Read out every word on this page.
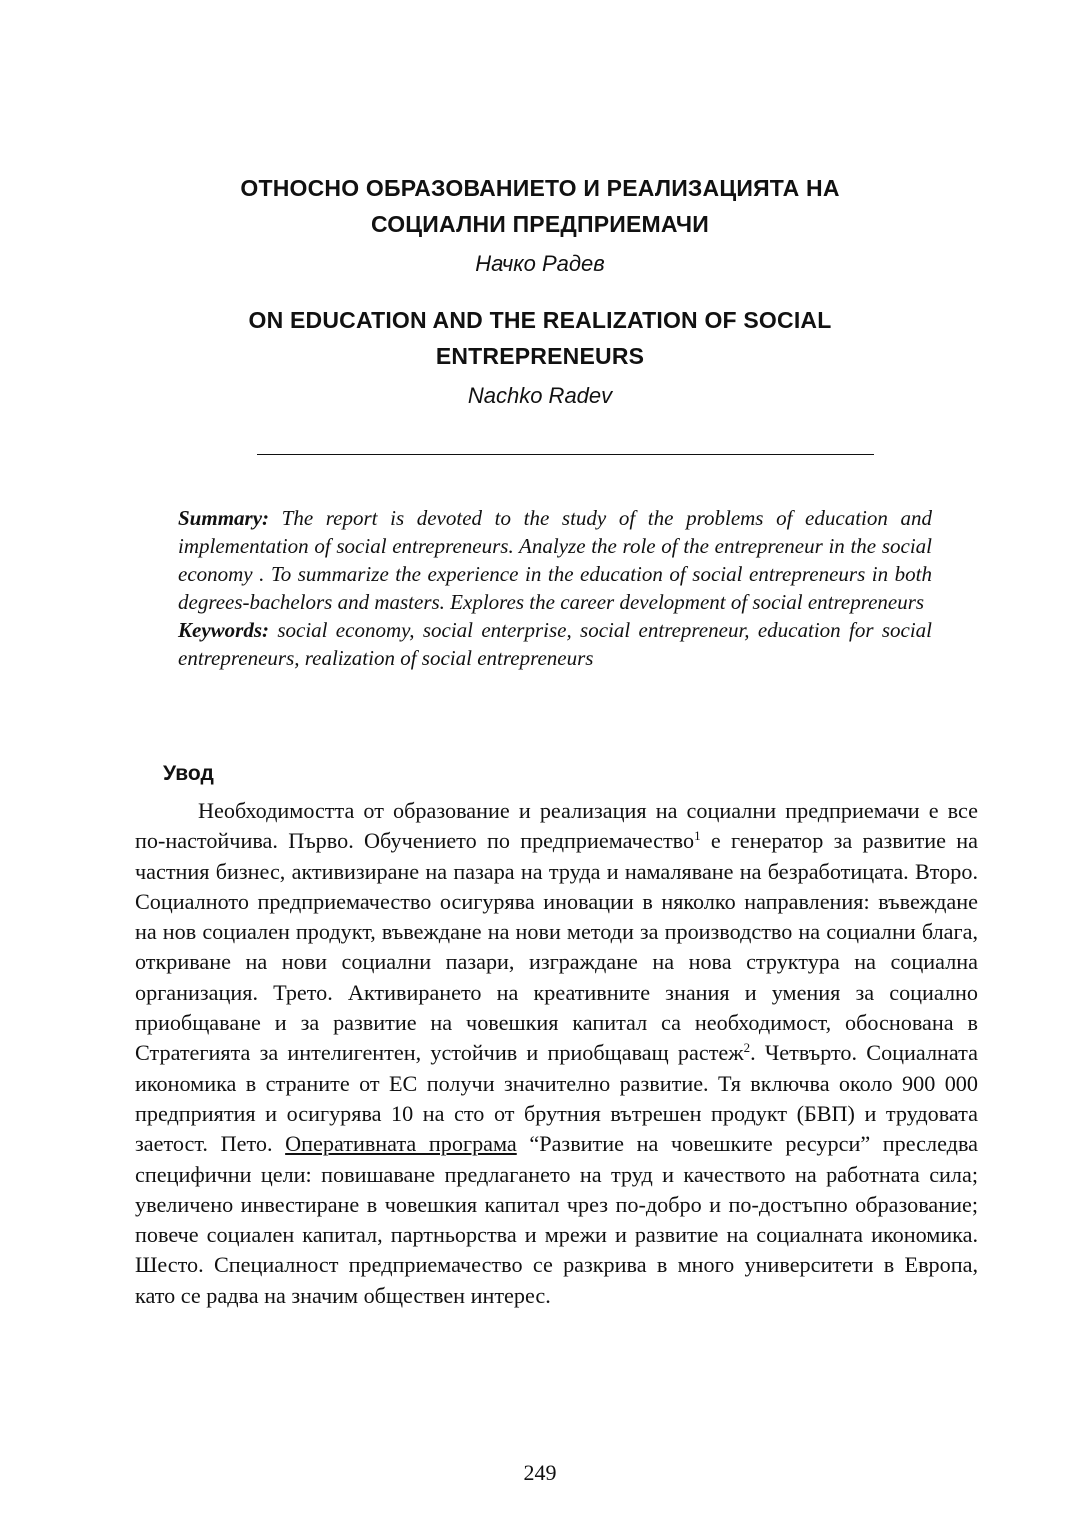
ОТНОСНО ОБРАЗОВАНИЕТО И РЕАЛИЗАЦИЯТА НА
СОЦИАЛНИ ПРЕДПРИЕМАЧИ
Начко Радев
ON EDUCATION AND THE REALIZATION OF SOCIAL
ENTREPRENEURS
Nachko Radev
Summary: The report is devoted to the study of the problems of education and implementation of social entrepreneurs. Analyze the role of the entrepreneur in the social economy . To summarize the experience in the education of social entrepreneurs in both degrees-bachelors and masters. Explores the career development of social entrepreneurs
Keywords: social economy, social enterprise, social entrepreneur, education for social entrepreneurs, realization of social entrepreneurs
Увод
Необходимостта от образование и реализация на социални предприемачи е все по-настойчива. Първо. Обучението по предприемачество$^1$ е генератор за развитие на частния бизнес, активизиране на пазара на труда и намаляване на безработицата. Второ. Социалното предприемачество осигурява иновации в няколко направления: въвеждане на нов социален продукт, въвеждане на нови методи за производство на социални блага, откриване на нови социални пазари, изграждане на нова структура на социална организация. Трето. Активирането на креативните знания и умения за социално приобщаване и за развитие на човешкия капитал са необходимост, обоснована в Стратегията за интелигентен, устойчив и приобщаващ растеж$^2$. Четвърто. Социалната икономика в страните от ЕС получи значително развитие. Тя включва около 900 000 предприятия и осигурява 10 на сто от брутния вътрешен продукт (БВП) и трудовата заетост. Пето. Оперативната програма “Развитие на човешките ресурси” преследва специфични цели: повишаване предлагането на труд и качеството на работната сила; увеличено инвестиране в човешкия капитал чрез по-добро и по-достъпно образование; повече социален капитал, партньорства и мрежи и развитие на социалната икономика. Шесто. Специалност предприемачество се разкрива в много университети в Европа, като се радва на значим обществен интерес.
249
